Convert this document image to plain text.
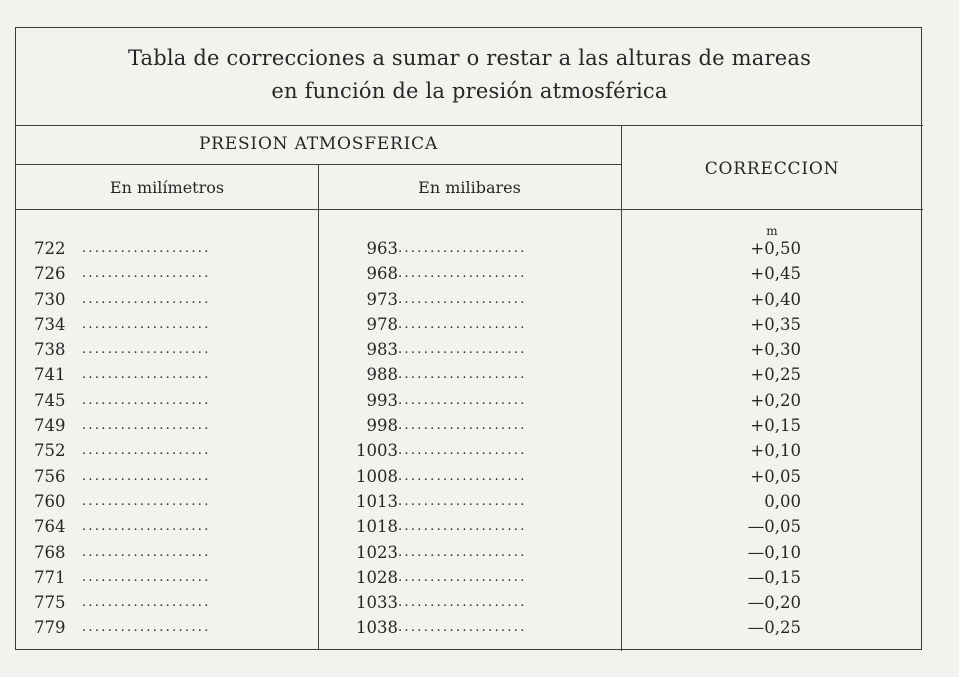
Tabla de correcciones a sumar o restar a las alturas de mareas
en función de la presión atmosférica
PRESION ATMOSFERICA
En milímetros	En milibares
CORRECCION
m
722 ....................	963 ....................	+0,50
726 ....................	968 ....................	+0,45
730 ....................	973 ....................	+0,40
734 ....................	978 ....................	+0,35
738 ....................	983 ....................	+0,30
741 ....................	988 ....................	+0,25
745 ....................	993 ....................	+0,20
749 ....................	998 ....................	+0,15
752 ....................	1003 ....................	+0,10
756 ....................	1008 ....................	+0,05
760 ....................	1013 ....................	0,00
764 ....................	1018 ....................	—0,05
768 ....................	1023 ....................	—0,10
771 ....................	1028 ....................	—0,15
775 ....................	1033 ....................	—0,20
779 ....................	1038 ....................	—0,25
